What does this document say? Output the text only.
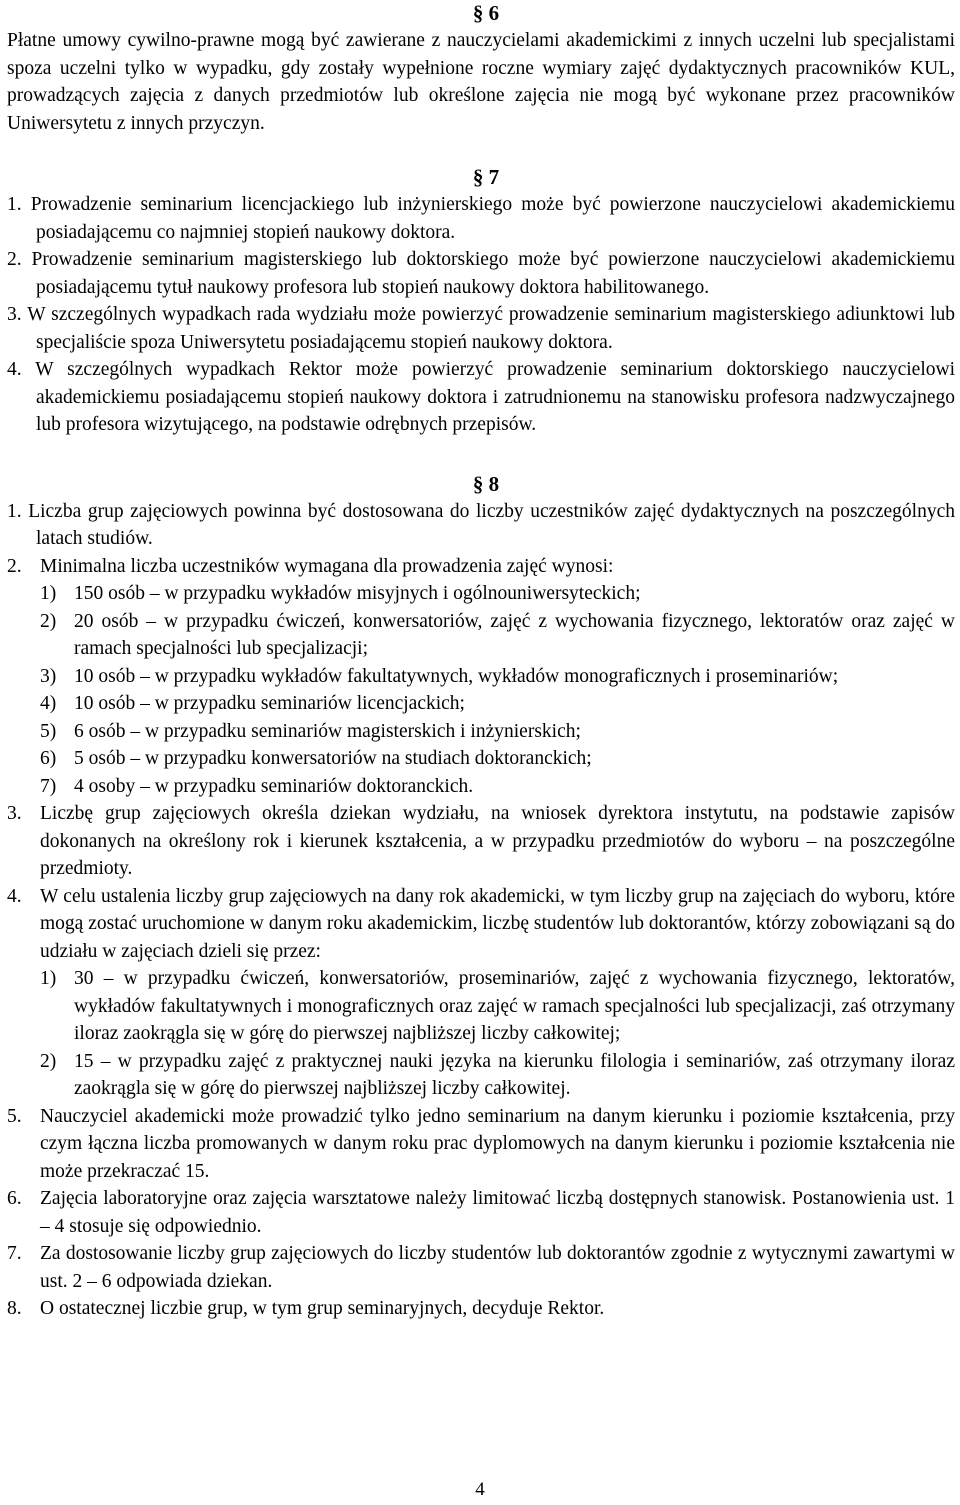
§ 6

Płatne umowy cywilno-prawne mogą być zawierane z nauczycielami akademickimi z innych uczelni lub specjalistami spoza uczelni tylko w wypadku, gdy zostały wypełnione roczne wymiary zajęć dydaktycznych pracowników KUL, prowadzących zajęcia z danych przedmiotów lub określone zajęcia nie mogą być wykonane przez pracowników Uniwersytetu z innych przyczyn.

§ 7

1. Prowadzenie seminarium licencjackiego lub inżynierskiego może być powierzone nauczycielowi akademickiemu posiadającemu co najmniej stopień naukowy doktora.

2. Prowadzenie seminarium magisterskiego lub doktorskiego może być powierzone nauczycielowi akademickiemu posiadającemu tytuł naukowy profesora lub stopień naukowy doktora habilitowanego.

3. W szczególnych wypadkach rada wydziału może powierzyć prowadzenie seminarium magisterskiego adiunktowi lub specjaliście spoza Uniwersytetu posiadającemu stopień naukowy doktora.

4. W szczególnych wypadkach Rektor może powierzyć prowadzenie seminarium doktorskiego nauczycielowi akademickiemu posiadającemu stopień naukowy doktora i zatrudnionemu na stanowisku profesora nadzwyczajnego lub profesora wizytującego, na podstawie odrębnych przepisów.

§ 8

1. Liczba grup zajęciowych powinna być dostosowana do liczby uczestników zajęć dydaktycznych na poszczególnych latach studiów.

2. Minimalna liczba uczestników wymagana dla prowadzenia zajęć wynosi:
1) 150 osób – w przypadku wykładów misyjnych i ogólnouniwersyteckich;
2) 20 osób – w przypadku ćwiczeń, konwersatoriów, zajęć z wychowania fizycznego, lektoratów oraz zajęć w ramach specjalności lub specjalizacji;
3) 10 osób – w przypadku wykładów fakultatywnych, wykładów monograficznych i proseminariów;
4) 10 osób – w przypadku seminariów licencjackich;
5) 6 osób – w przypadku seminariów magisterskich i inżynierskich;
6) 5 osób – w przypadku konwersatoriów na studiach doktoranckich;
7) 4 osoby – w przypadku seminariów doktoranckich.
3. Liczbę grup zajęciowych określa dziekan wydziału, na wniosek dyrektora instytutu, na podstawie zapisów dokonanych na określony rok i kierunek kształcenia, a w przypadku przedmiotów do wyboru – na poszczególne przedmioty.
4. W celu ustalenia liczby grup zajęciowych na dany rok akademicki, w tym liczby grup na zajęciach do wyboru, które mogą zostać uruchomione w danym roku akademickim, liczbę studentów lub doktorantów, którzy zobowiązani są do udziału w zajęciach dzieli się przez:
1) 30 – w przypadku ćwiczeń, konwersatoriów, proseminariów, zajęć z wychowania fizycznego, lektoratów, wykładów fakultatywnych i monograficznych oraz zajęć w ramach specjalności lub specjalizacji, zaś otrzymany iloraz zaokrągla się w górę do pierwszej najbliższej liczby całkowitej;
2) 15 – w przypadku zajęć z praktycznej nauki języka na kierunku filologia i seminariów, zaś otrzymany iloraz zaokrągla się w górę do pierwszej najbliższej liczby całkowitej.
5. Nauczyciel akademicki może prowadzić tylko jedno seminarium na danym kierunku i poziomie kształcenia, przy czym łączna liczba promowanych w danym roku prac dyplomowych na danym kierunku i poziomie kształcenia nie może przekraczać 15.
6. Zajęcia laboratoryjne oraz zajęcia warsztatowe należy limitować liczbą dostępnych stanowisk. Postanowienia ust. 1 – 4 stosuje się odpowiednio.
7. Za dostosowanie liczby grup zajęciowych do liczby studentów lub doktorantów zgodnie z wytycznymi zawartymi w ust. 2 – 6 odpowiada dziekan.
8. O ostatecznej liczbie grup, w tym grup seminaryjnych, decyduje Rektor.
4
